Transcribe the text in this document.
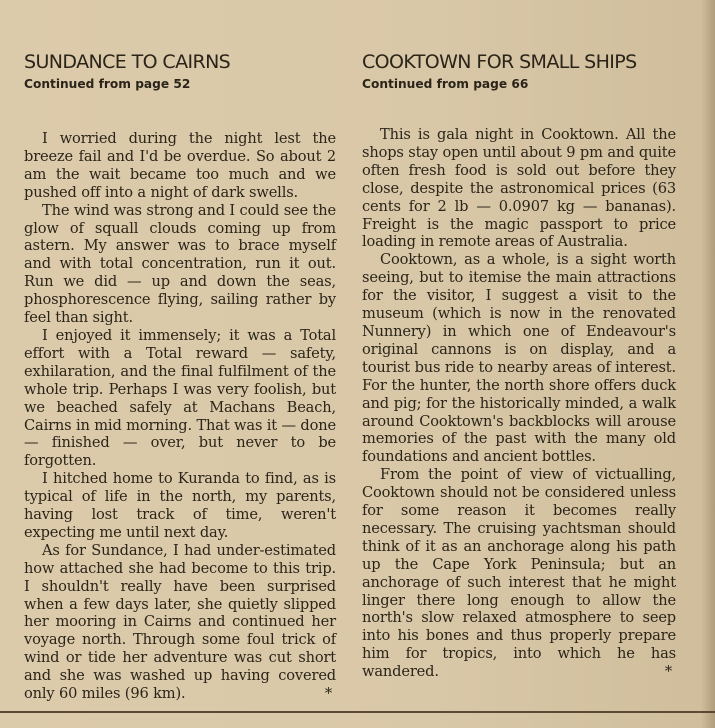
SUNDANCE TO CAIRNS
Continued from page 52

I worried during the night lest the breeze fail and I'd be overdue. So about 2 am the wait became too much and we pushed off into a night of dark swells.

The wind was strong and I could see the glow of squall clouds coming up from astern. My answer was to brace myself and with total concentration, run it out. Run we did — up and down the seas, phosphorescence flying, sailing rather by feel than sight.

I enjoyed it immensely; it was a Total effort with a Total reward — safety, exhilaration, and the final fulfilment of the whole trip. Perhaps I was very foolish, but we beached safely at Machans Beach, Cairns in mid morning. That was it — done — finished — over, but never to be forgotten.

I hitched home to Kuranda to find, as is typical of life in the north, my parents, having lost track of time, weren't expecting me until next day.

As for Sundance, I had under-estimated how attached she had become to this trip. I shouldn't really have been surprised when a few days later, she quietly slipped her mooring in Cairns and continued her voyage north. Through some foul trick of wind or tide her adventure was cut short and she was washed up having covered only 60 miles (96 km).	*

COOKTOWN FOR SMALL SHIPS
Continued from page 66

This is gala night in Cooktown. All the shops stay open until about 9 pm and quite often fresh food is sold out before they close, despite the astronomical prices (63 cents for 2 lb — 0.0907 kg — bananas). Freight is the magic passport to price loading in remote areas of Australia.

Cooktown, as a whole, is a sight worth seeing, but to itemise the main attractions for the visitor, I suggest a visit to the museum (which is now in the renovated Nunnery) in which one of Endeavour's original cannons is on display, and a tourist bus ride to nearby areas of interest. For the hunter, the north shore offers duck and pig; for the historically minded, a walk around Cooktown's backblocks will arouse memories of the past with the many old foundations and ancient bottles.

From the point of view of victualling, Cooktown should not be considered unless for some reason it becomes really necessary. The cruising yachtsman should think of it as an anchorage along his path up the Cape York Peninsula; but an anchorage of such interest that he might linger there long enough to allow the north's slow relaxed atmosphere to seep into his bones and thus properly prepare him for tropics, into which he has wandered.	*
